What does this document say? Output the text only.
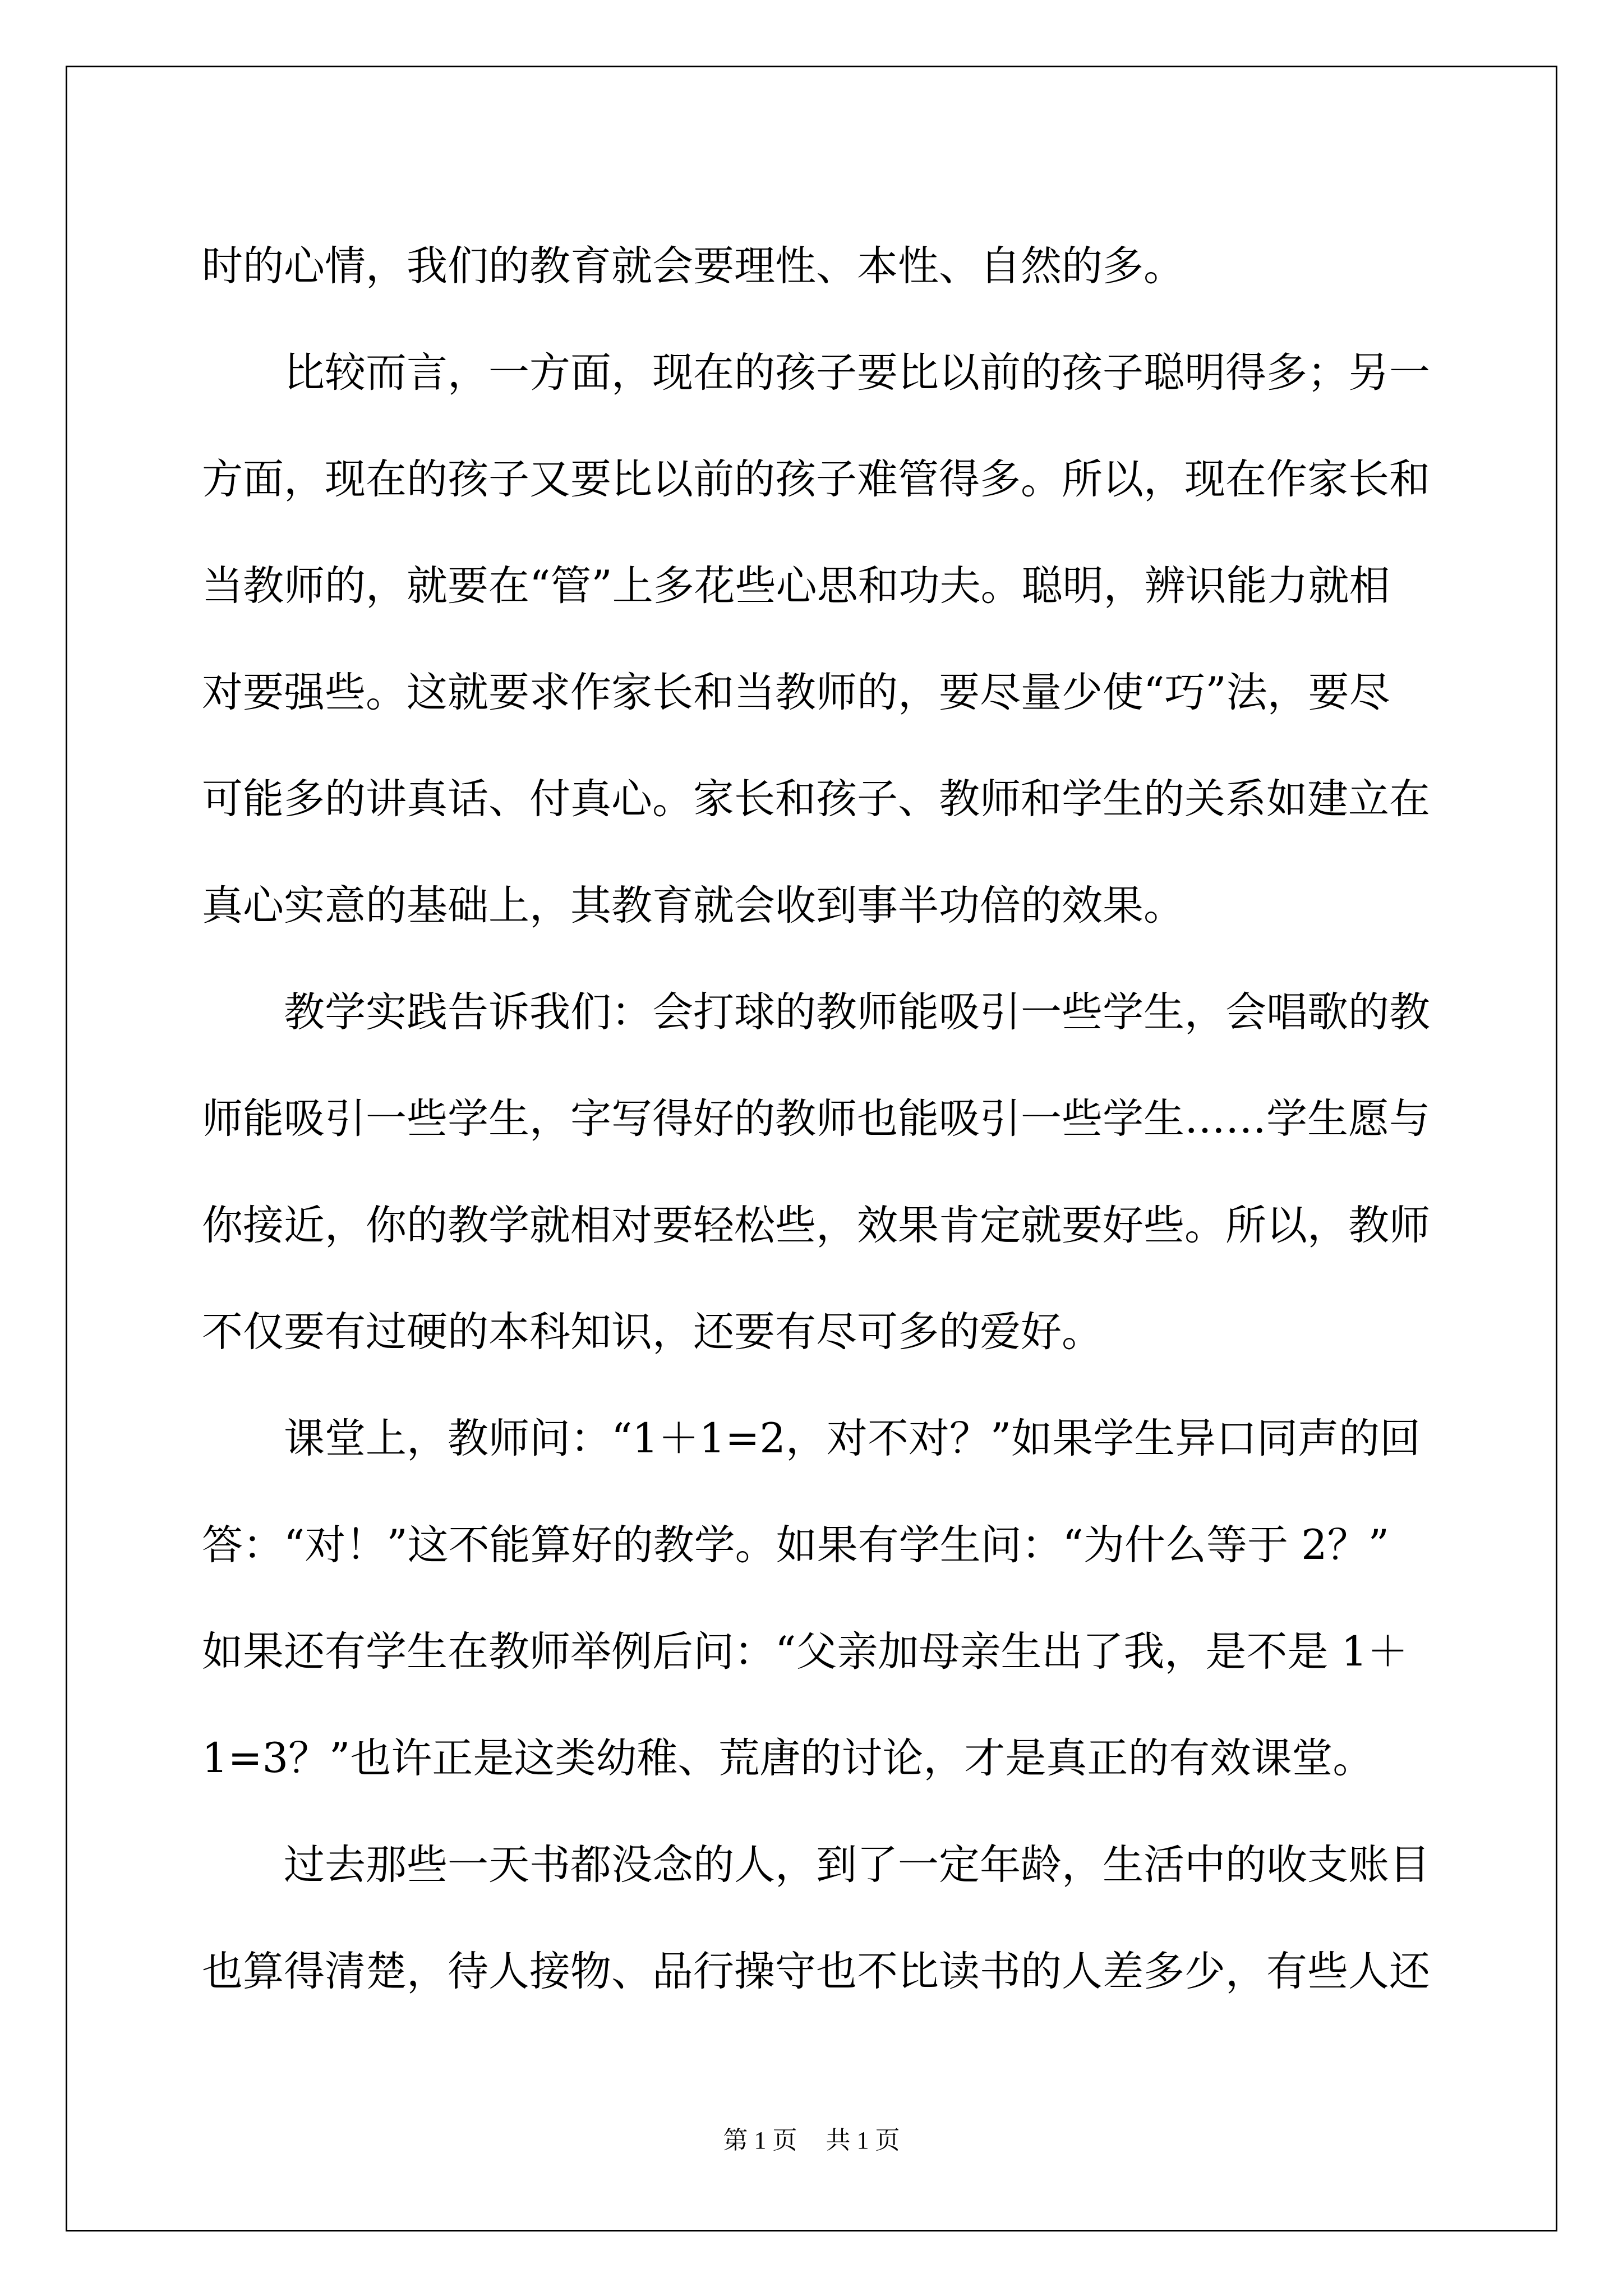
时的心情，我们的教育就会要理性、本性、自然的多。
比较而言，一方面，现在的孩子要比以前的孩子聪明得多；另一
方面，现在的孩子又要比以前的孩子难管得多。所以，现在作家长和
当教师的，就要在“管”上多花些心思和功夫。聪明，辨识能力就相
对要强些。这就要求作家长和当教师的，要尽量少使“巧”法，要尽
可能多的讲真话、付真心。家长和孩子、教师和学生的关系如建立在
真心实意的基础上，其教育就会收到事半功倍的效果。
教学实践告诉我们：会打球的教师能吸引一些学生，会唱歌的教
师能吸引一些学生，字写得好的教师也能吸引一些学生……学生愿与
你接近，你的教学就相对要轻松些，效果肯定就要好些。所以，教师
不仅要有过硬的本科知识，还要有尽可多的爱好。
课堂上，教师问：“1＋1=2，对不对？”如果学生异口同声的回
答：“对！”这不能算好的教学。如果有学生问：“为什么等于 2？”
如果还有学生在教师举例后问：“父亲加母亲生出了我，是不是 1＋
1=3？”也许正是这类幼稚、荒唐的讨论，才是真正的有效课堂。
过去那些一天书都没念的人，到了一定年龄，生活中的收支账目
也算得清楚，待人接物、品行操守也不比读书的人差多少，有些人还
第 1 页 共 1 页
